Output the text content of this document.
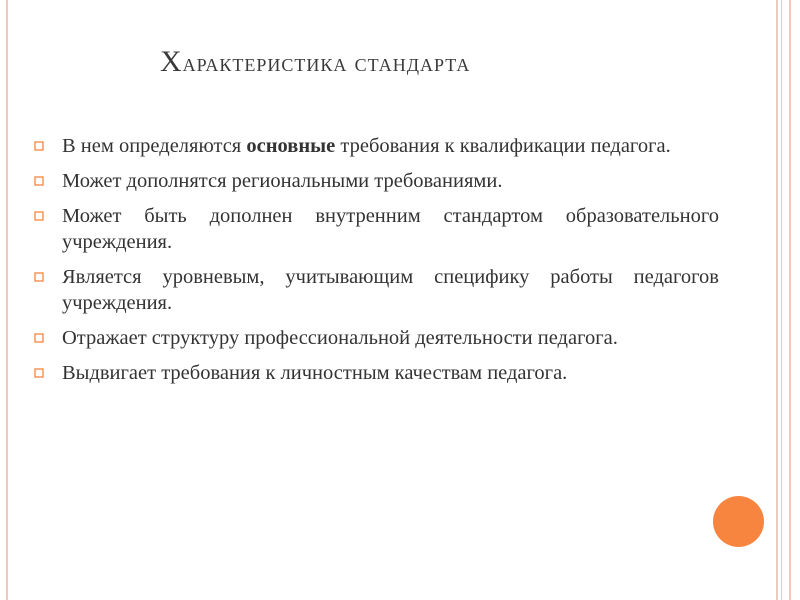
Характеристика стандарта
В нем определяются основные требования к квалификации педагога.
Может дополнятся региональными требованиями.
Может быть дополнен внутренним стандартом образовательного учреждения.
Является уровневым, учитывающим специфику работы педагогов учреждения.
Отражает структуру профессиональной деятельности педагога.
Выдвигает требования к личностным качествам педагога.
